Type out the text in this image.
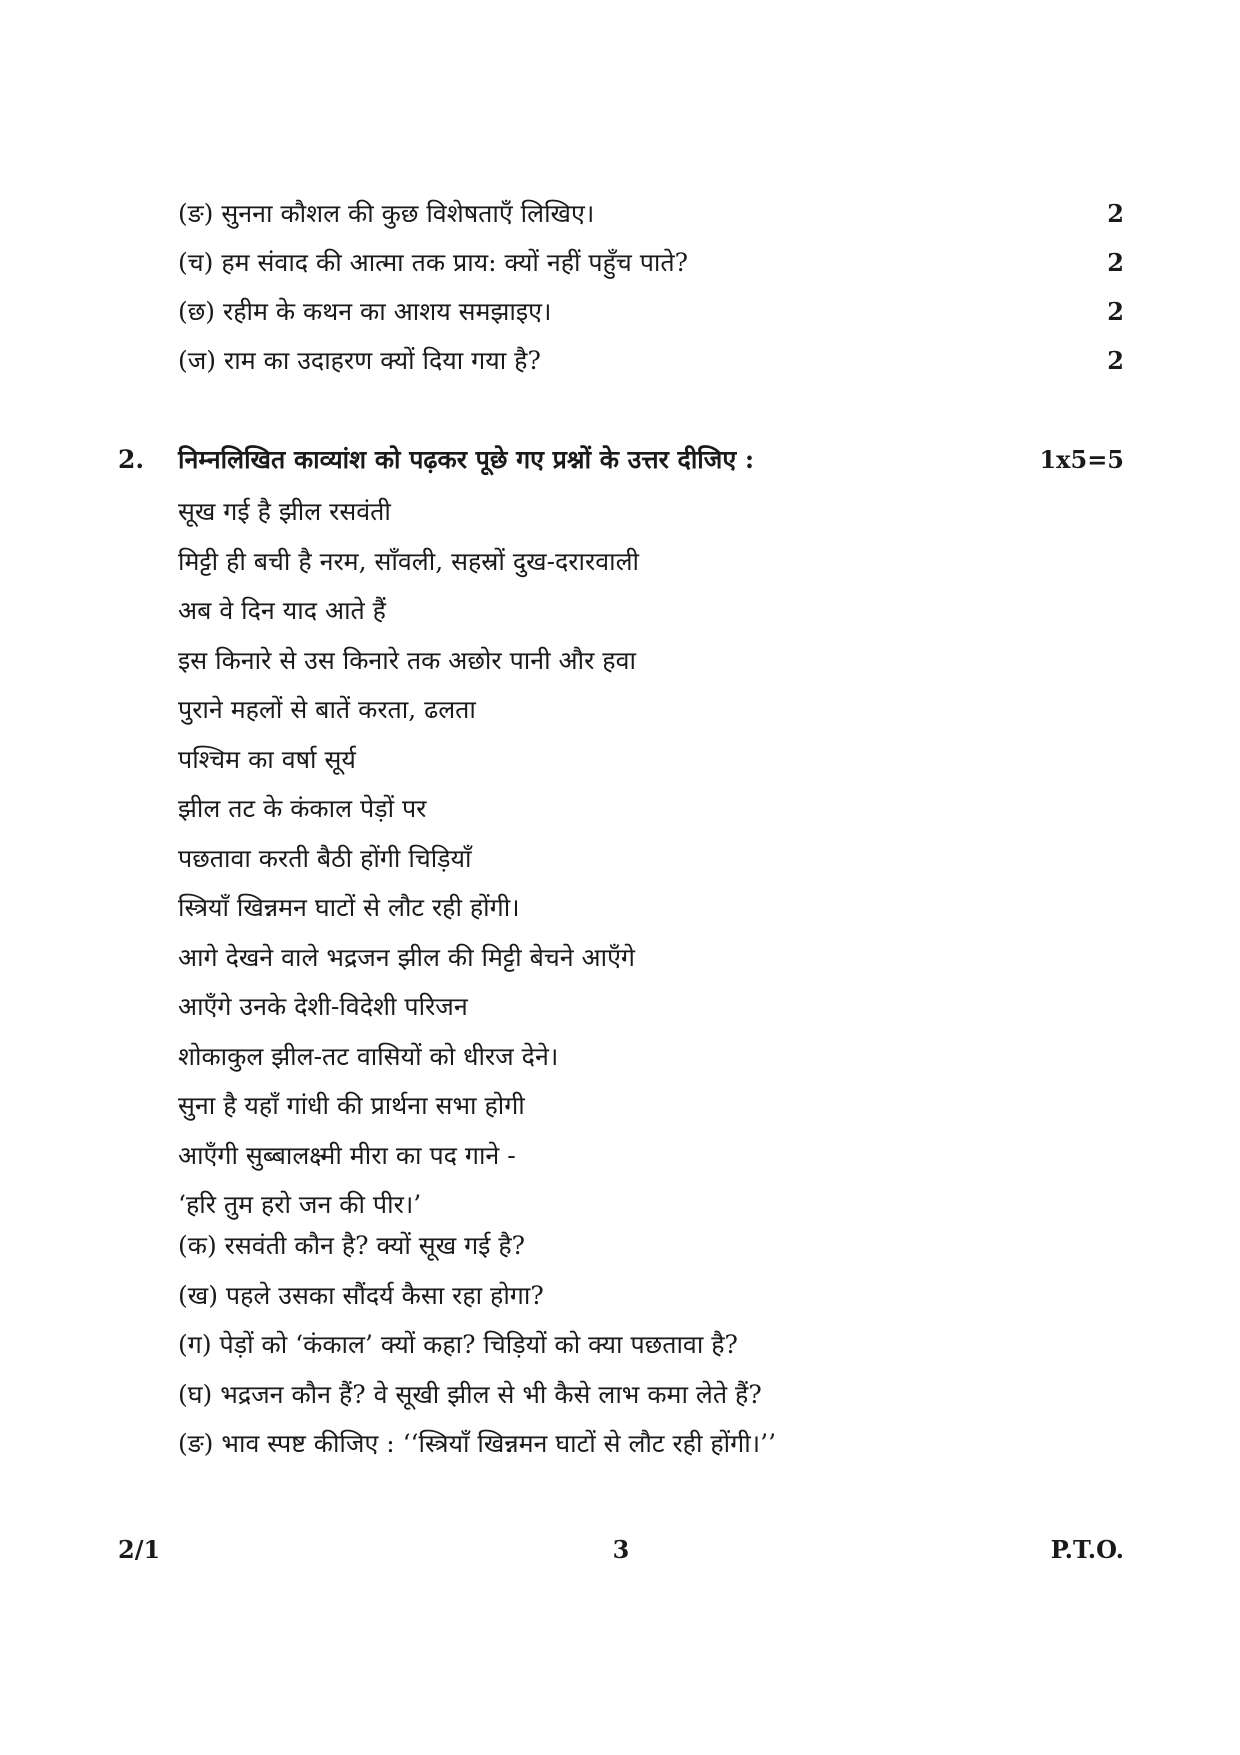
(ङ) सुनना कौशल की कुछ विशेषताएँ लिखिए।	2
(च) हम संवाद की आत्मा तक प्राय: क्यों नहीं पहुँच पाते?	2
(छ) रहीम के कथन का आशय समझाइए।	2
(ज) राम का उदाहरण क्यों दिया गया है?	2
2.	निम्नलिखित काव्यांश को पढ़कर पूछे गए प्रश्नों के उत्तर दीजिए :	1x5=5
सूख गई है झील रसवंती
मिट्टी ही बची है नरम, साँवली, सहस्रों दुख-दरारवाली
अब वे दिन याद आते हैं
इस किनारे से उस किनारे तक अछोर पानी और हवा
पुराने महलों से बातें करता, ढलता
पश्चिम का वर्षा सूर्य
झील तट के कंकाल पेड़ों पर
पछतावा करती बैठी होंगी चिड़ियाँ
स्त्रियाँ खिन्नमन घाटों से लौट रही होंगी।
आगे देखने वाले भद्रजन झील की मिट्टी बेचने आएँगे
आएँगे उनके देशी-विदेशी परिजन
शोकाकुल झील-तट वासियों को धीरज देने।
सुना है यहाँ गांधी की प्रार्थना सभा होगी
आएँगी सुब्बालक्ष्मी मीरा का पद गाने -
‘हरि तुम हरो जन की पीर।’
(क) रसवंती कौन है? क्यों सूख गई है?
(ख) पहले उसका सौंदर्य कैसा रहा होगा?
(ग) पेड़ों को ‘कंकाल’ क्यों कहा? चिड़ियों को क्या पछतावा है?
(घ) भद्रजन कौन हैं? वे सूखी झील से भी कैसे लाभ कमा लेते हैं?
(ङ) भाव स्पष्ट कीजिए : ‘‘स्त्रियाँ खिन्नमन घाटों से लौट रही होंगी।’’
2/1	3	P.T.O.
